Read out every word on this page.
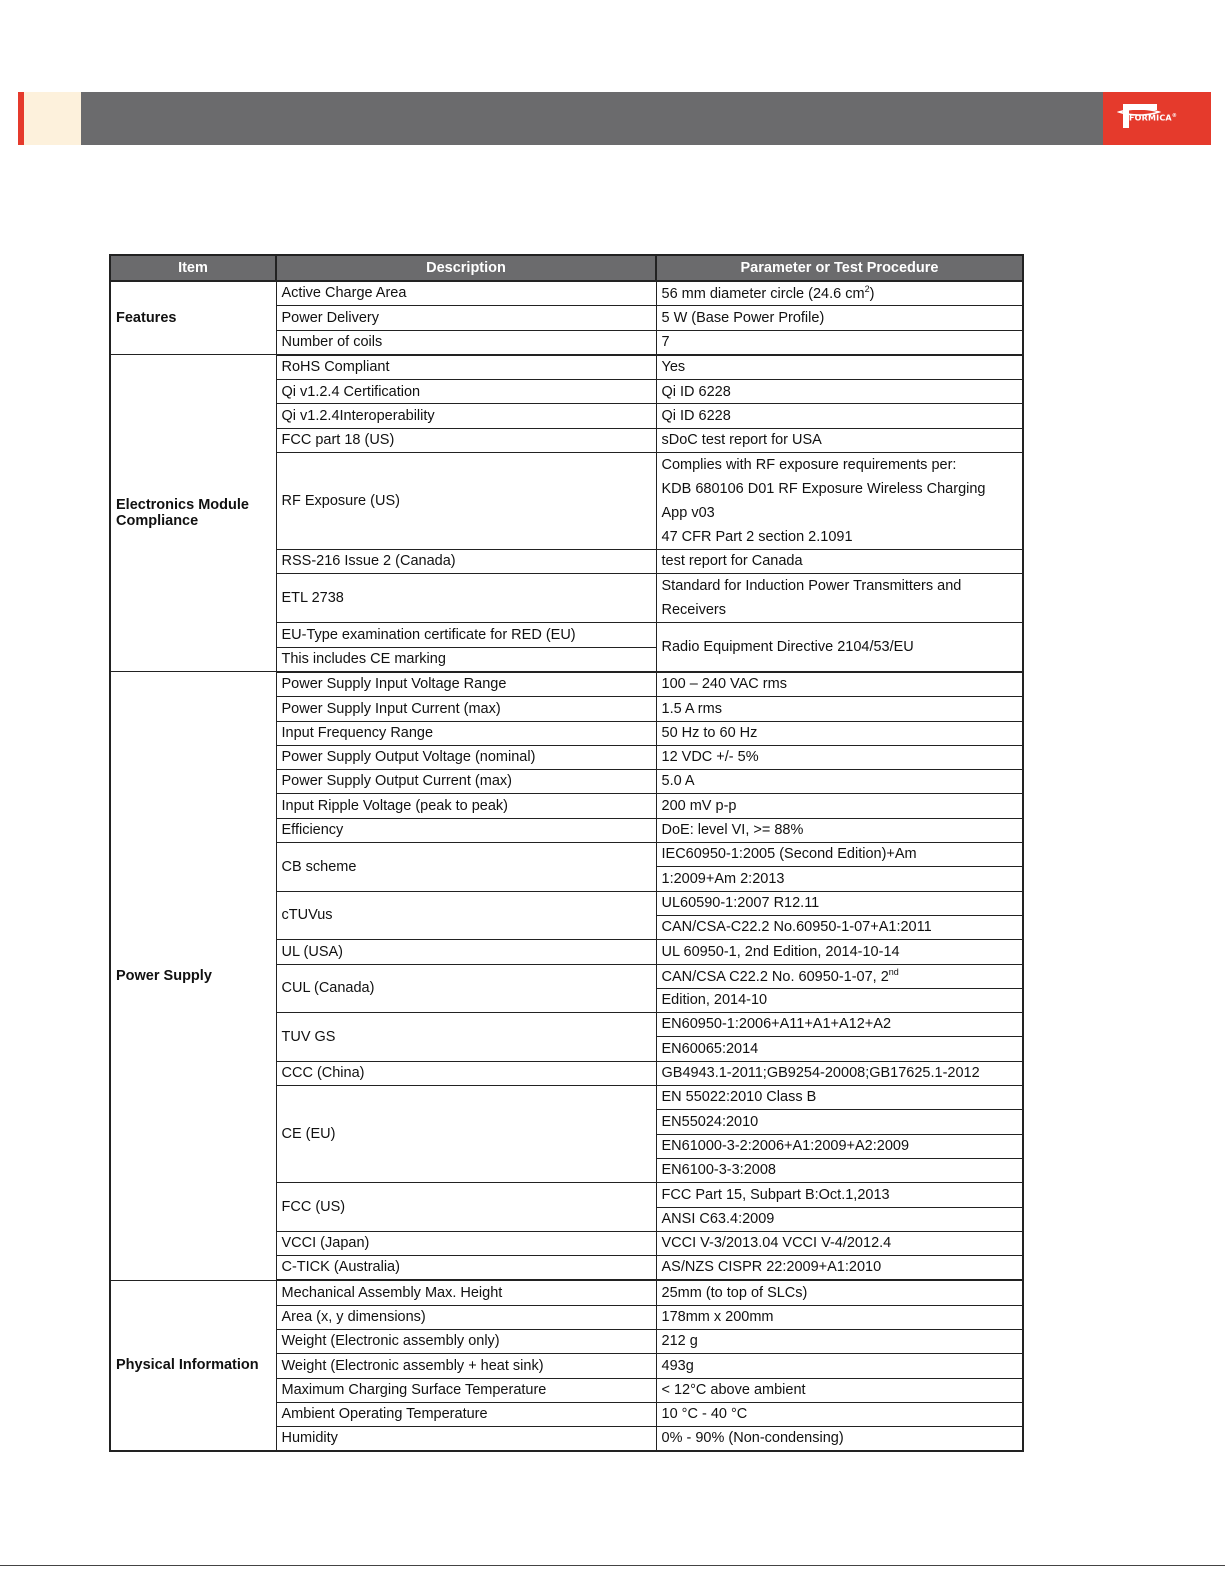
FORMICA®
Item	Description	Parameter or Test Procedure
Features	Active Charge Area	56 mm diameter circle (24.6 $cm^2$)
	Power Delivery	5 W (Base Power Profile)
	Number of coils	7
Electronics Module Compliance	RoHS Compliant	Yes
	Qi v1.2.4 Certification	Qi ID 6228
	Qi v1.2.4Interoperability	Qi ID 6228
	FCC part 18 (US)	sDoC test report for USA
	RF Exposure (US)	Complies with RF exposure requirements per:
KDB 680106 D01 RF Exposure Wireless Charging
App v03
47 CFR Part 2 section 2.1091

	RSS-216 Issue 2 (Canada)	test report for Canada
	ETL 2738	Standard for Induction Power Transmitters and
Receivers

	EU-Type examination certificate for RED (EU)	Radio Equipment Directive 2104/53/EU
	This includes CE marking	
Power Supply	Power Supply Input Voltage Range	100 – 240 VAC rms
	Power Supply Input Current (max)	1.5 A rms
	Input Frequency Range	50 Hz to 60 Hz
	Power Supply Output Voltage (nominal)	12 VDC +/- 5%
	Power Supply Output Current (max)	5.0 A
	Input Ripple Voltage (peak to peak)	200 mV p-p
	Efficiency	DoE: level VI, >= 88%
	CB scheme	IEC60950-1:2005 (Second Edition)+Am
		1:2009+Am 2:2013
	cTUVus	UL60590-1:2007 R12.11
		CAN/CSA-C22.2 No.60950-1-07+A1:2011
	UL (USA)	UL 60950-1, 2nd Edition, 2014-10-14
	CUL (Canada)	CAN/CSA C22.2 No. 60950-1-07, 2nd
		Edition, 2014-10
	TUV GS	EN60950-1:2006+A11+A1+A12+A2
		EN60065:2014
	CCC (China)	GB4943.1-2011;GB9254-20008;GB17625.1-2012
	CE (EU)	EN 55022:2010 Class B
		EN55024:2010
		EN61000-3-2:2006+A1:2009+A2:2009
		EN6100-3-3:2008
	FCC (US)	FCC Part 15, Subpart B:Oct.1,2013
		ANSI C63.4:2009
	VCCI (Japan)	VCCI V-3/2013.04 VCCI V-4/2012.4
	C-TICK (Australia)	AS/NZS CISPR 22:2009+A1:2010
Physical Information	Mechanical Assembly Max. Height	25mm (to top of SLCs)
	Area (x, y dimensions)	178mm x 200mm
	Weight (Electronic assembly only)	212 g
	Weight (Electronic assembly + heat sink)	493g
	Maximum Charging Surface Temperature	< 12°C above ambient
	Ambient Operating Temperature	10 °C - 40 °C
	Humidity	0% - 90% (Non-condensing)
